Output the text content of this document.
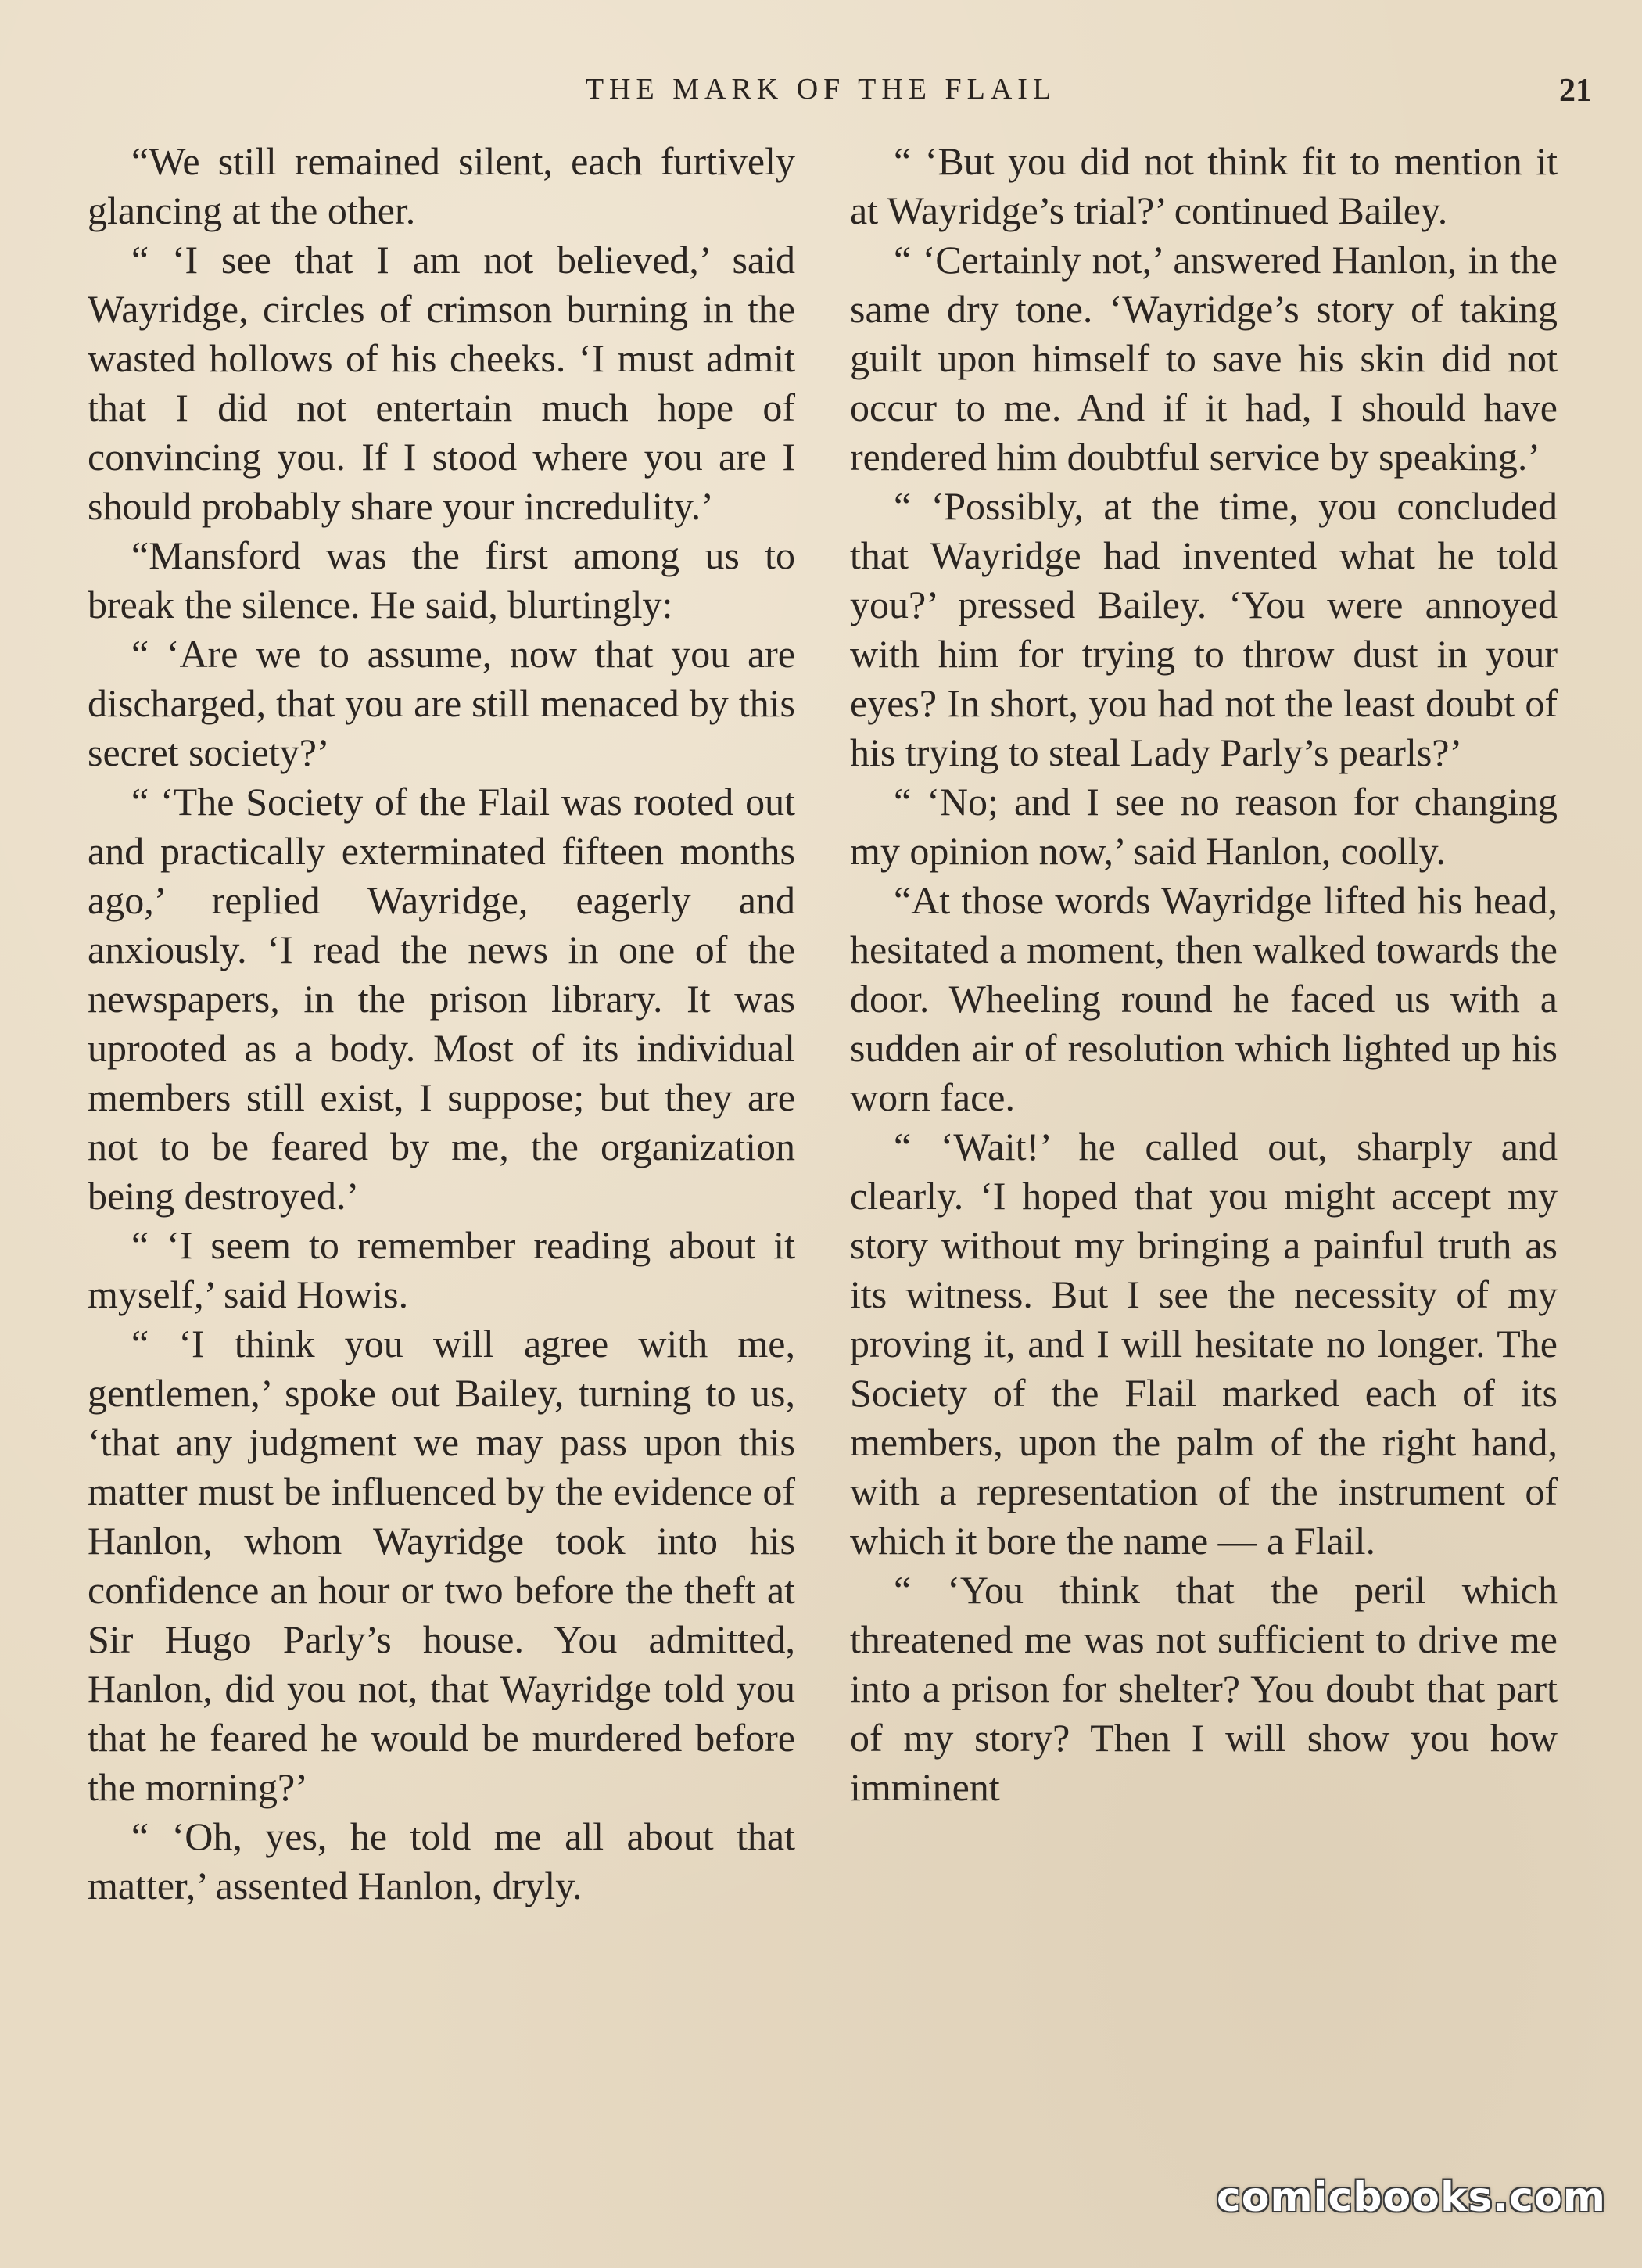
THE MARK OF THE FLAIL	21

“We still remained silent, each furtively glancing at the other.

“ ‘I see that I am not believed,’ said Wayridge, circles of crimson burning in the wasted hollows of his cheeks. ‘I must admit that I did not entertain much hope of convincing you. If I stood where you are I should probably share your incredulity.’

“Mansford was the first among us to break the silence. He said, blurtingly:

“ ‘Are we to assume, now that you are discharged, that you are still menaced by this secret society?’

“ ‘The Society of the Flail was rooted out and practically exterminated fifteen months ago,’ replied Wayridge, eagerly and anxiously. ‘I read the news in one of the newspapers, in the prison library. It was uprooted as a body. Most of its individual members still exist, I suppose; but they are not to be feared by me, the organization being destroyed.’

“ ‘I seem to remember reading about it myself,’ said Howis.

“ ‘I think you will agree with me, gentlemen,’ spoke out Bailey, turning to us, ‘that any judgment we may pass upon this matter must be influenced by the evidence of Hanlon, whom Wayridge took into his confidence an hour or two before the theft at Sir Hugo Parly’s house. You admitted, Hanlon, did you not, that Wayridge told you that he feared he would be murdered before the morning?’

“ ‘Oh, yes, he told me all about that matter,’ assented Hanlon, dryly.

“ ‘But you did not think fit to mention it at Wayridge’s trial?’ continued Bailey.

“ ‘Certainly not,’ answered Hanlon, in the same dry tone. ‘Wayridge’s story of taking guilt upon himself to save his skin did not occur to me. And if it had, I should have rendered him doubtful service by speaking.’

“ ‘Possibly, at the time, you concluded that Wayridge had invented what he told you?’ pressed Bailey. ‘You were annoyed with him for trying to throw dust in your eyes? In short, you had not the least doubt of his trying to steal Lady Parly’s pearls?’

“ ‘No; and I see no reason for changing my opinion now,’ said Hanlon, coolly.

“At those words Wayridge lifted his head, hesitated a moment, then walked towards the door. Wheeling round he faced us with a sudden air of resolution which lighted up his worn face.

“ ‘Wait!’ he called out, sharply and clearly. ‘I hoped that you might accept my story without my bringing a painful truth as its witness. But I see the necessity of my proving it, and I will hesitate no longer. The Society of the Flail marked each of its members, upon the palm of the right hand, with a representation of the instrument of which it bore the name — a Flail.

“ ‘You think that the peril which threatened me was not sufficient to drive me into a prison for shelter? You doubt that part of my story? Then I will show you how imminent

comicbooks.com
